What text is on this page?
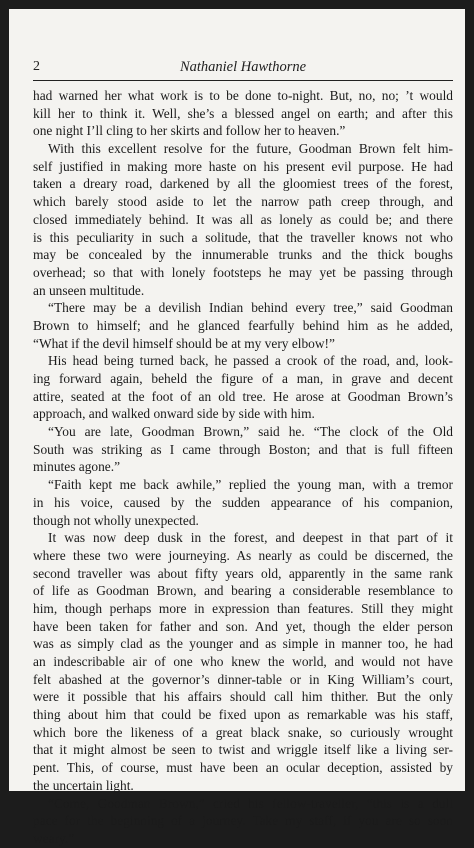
2	Nathaniel Hawthorne
had warned her what work is to be done to-night. But, no, no; ’t would
kill her to think it. Well, she’s a blessed angel on earth; and after this
one night I’ll cling to her skirts and follow her to heaven.”
With this excellent resolve for the future, Goodman Brown felt him-
self justified in making more haste on his present evil purpose. He had
taken a dreary road, darkened by all the gloomiest trees of the forest,
which barely stood aside to let the narrow path creep through, and
closed immediately behind. It was all as lonely as could be; and there
is this peculiarity in such a solitude, that the traveller knows not who
may be concealed by the innumerable trunks and the thick boughs
overhead; so that with lonely footsteps he may yet be passing through
an unseen multitude.
“There may be a devilish Indian behind every tree,” said Goodman
Brown to himself; and he glanced fearfully behind him as he added,
“What if the devil himself should be at my very elbow!”
His head being turned back, he passed a crook of the road, and, look-
ing forward again, beheld the figure of a man, in grave and decent
attire, seated at the foot of an old tree. He arose at Goodman Brown’s
approach, and walked onward side by side with him.
“You are late, Goodman Brown,” said he. “The clock of the Old
South was striking as I came through Boston; and that is full fifteen
minutes agone.”
“Faith kept me back awhile,” replied the young man, with a tremor
in his voice, caused by the sudden appearance of his companion,
though not wholly unexpected.
It was now deep dusk in the forest, and deepest in that part of it
where these two were journeying. As nearly as could be discerned, the
second traveller was about fifty years old, apparently in the same rank
of life as Goodman Brown, and bearing a considerable resemblance to
him, though perhaps more in expression than features. Still they might
have been taken for father and son. And yet, though the elder person
was as simply clad as the younger and as simple in manner too, he had
an indescribable air of one who knew the world, and would not have
felt abashed at the governor’s dinner-table or in King William’s court,
were it possible that his affairs should call him thither. But the only
thing about him that could be fixed upon as remarkable was his staff,
which bore the likeness of a great black snake, so curiously wrought
that it might almost be seen to twist and wriggle itself like a living ser-
pent. This, of course, must have been an ocular deception, assisted by
the uncertain light.
“Come, Goodman Brown,” cried his fellow-traveller, “this is a dull
pace for the beginning of a journey. Take my staff, if you are so soon
weary.”
